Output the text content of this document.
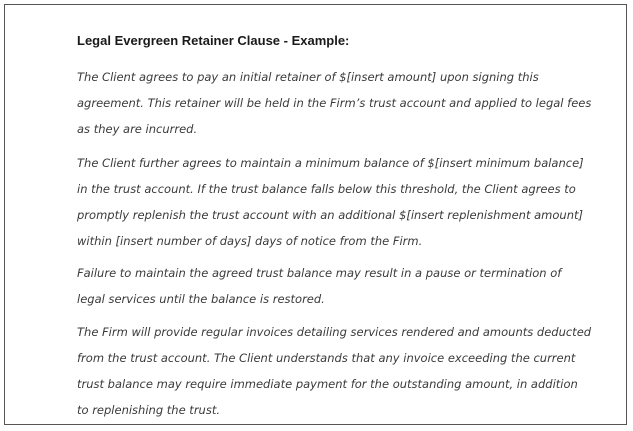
Legal Evergreen Retainer Clause - Example:
The Client agrees to pay an initial retainer of $[insert amount] upon signing this
agreement. This retainer will be held in the Firm’s trust account and applied to legal fees
as they are incurred.
The Client further agrees to maintain a minimum balance of $[insert minimum balance]
in the trust account. If the trust balance falls below this threshold, the Client agrees to
promptly replenish the trust account with an additional $[insert replenishment amount]
within [insert number of days] days of notice from the Firm.
Failure to maintain the agreed trust balance may result in a pause or termination of
legal services until the balance is restored.
The Firm will provide regular invoices detailing services rendered and amounts deducted
from the trust account. The Client understands that any invoice exceeding the current
trust balance may require immediate payment for the outstanding amount, in addition
to replenishing the trust.
